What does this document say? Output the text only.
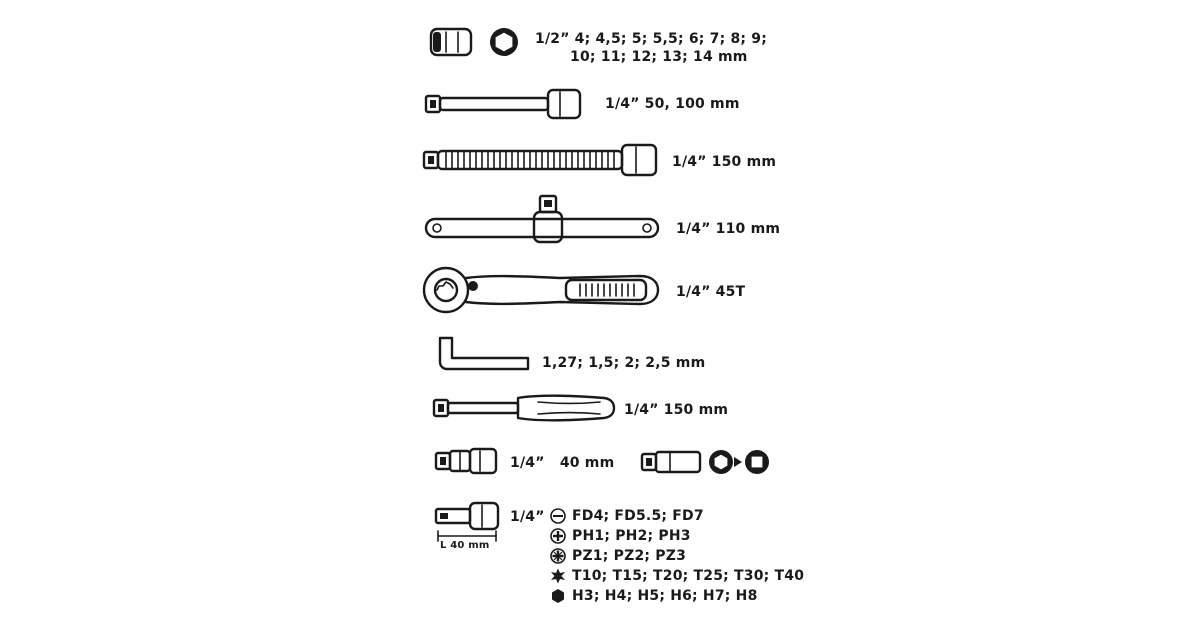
1/2” 4; 4,5; 5; 5,5; 6; 7; 8; 9;
10; 11; 12; 13; 14 mm
1/4” 50, 100 mm
1/4” 150 mm
1/4” 110 mm
1/4” 45T
1,27; 1,5; 2; 2,5 mm
1/4” 150 mm
1/4”   40 mm
1/4”
L 40 mm
FD4; FD5.5; FD7
PH1; PH2; PH3
PZ1; PZ2; PZ3
T10; T15; T20; T25; T30; T40
H3; H4; H5; H6; H7; H8
